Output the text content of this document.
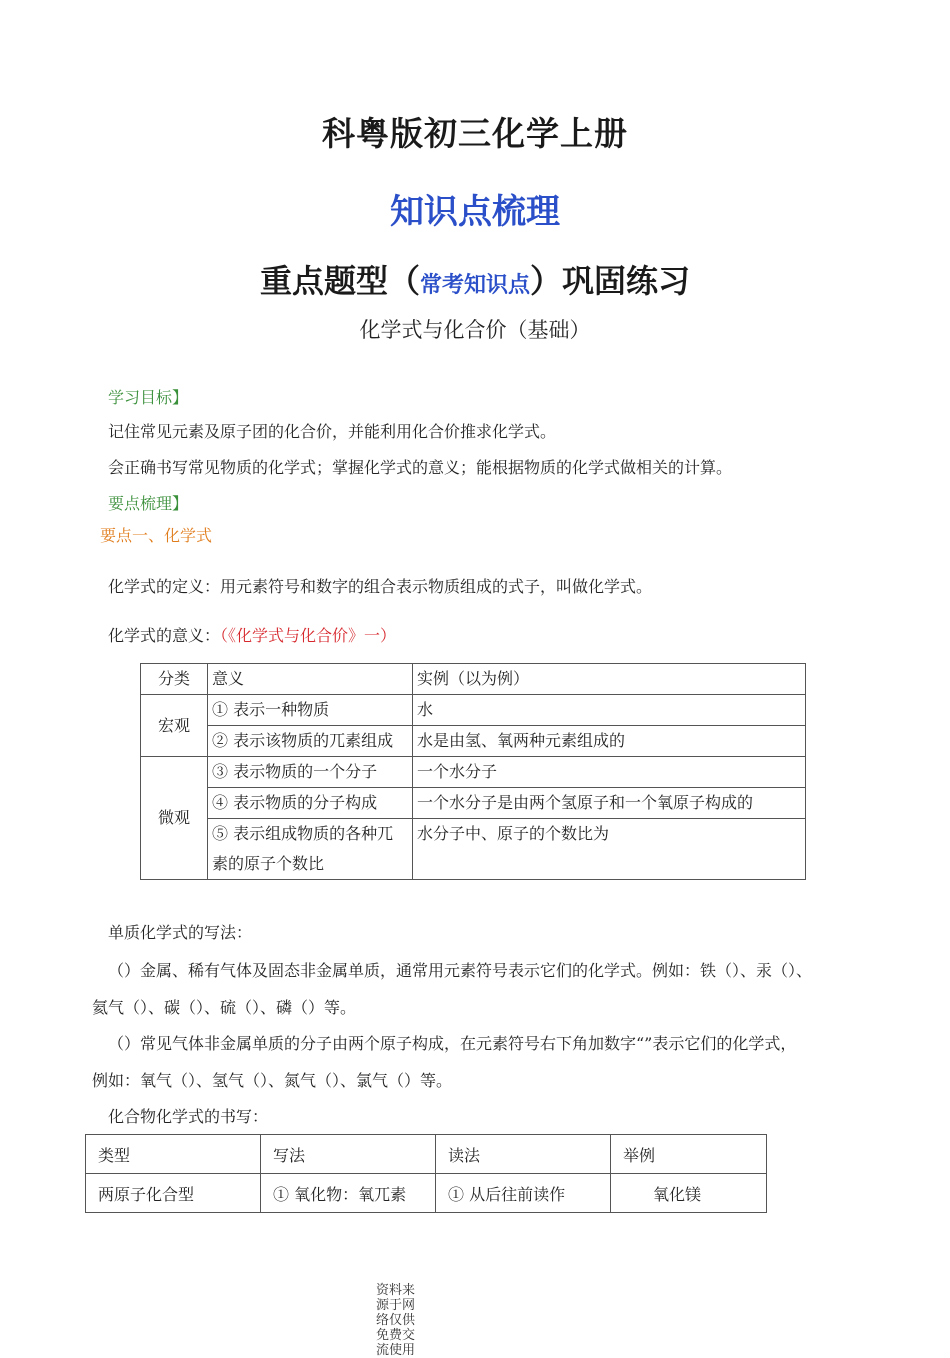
科粤版初三化学上册
知识点梳理
重点题型（常考知识点）巩固练习
化学式与化合价（基础）
学习目标】
记住常见元素及原子团的化合价，并能利用化合价推求化学式。
会正确书写常见物质的化学式；掌握化学式的意义；能根据物质的化学式做相关的计算。
要点梳理】
要点一、化学式
化学式的定义：用元素符号和数字的组合表示物质组成的式子，叫做化学式。
化学式的意义：（《化学式与化合价》一）
分类	意义	实例（以为例）
宏观	① 表示一种物质	水
	② 表示该物质的兀素组成	水是由氢、氧两种元素组成的
微观	③ 表示物质的一个分子	一个水分子
	④ 表示物质的分子构成	一个水分子是由两个氢原子和一个氧原子构成的
	⑤ 表示组成物质的各种兀素的原子个数比	水分子中、原子的个数比为
单质化学式的写法：
（）金属、稀有气体及固态非金属单质，通常用元素符号表示它们的化学式。例如：铁（）、汞（）、
氦气（）、碳（）、硫（）、磷（）等。
（）常见气体非金属单质的分子由两个原子构成，在元素符号右下角加数字“”表示它们的化学式，
例如：氧气（）、氢气（）、氮气（）、氯气（）等。
化合物化学式的书写：
类型	写法	读法	举例
两原子化合型	① 氧化物：氧兀素	① 从后往前读作	氧化镁
资料来源于网络仅供免费交流使用
